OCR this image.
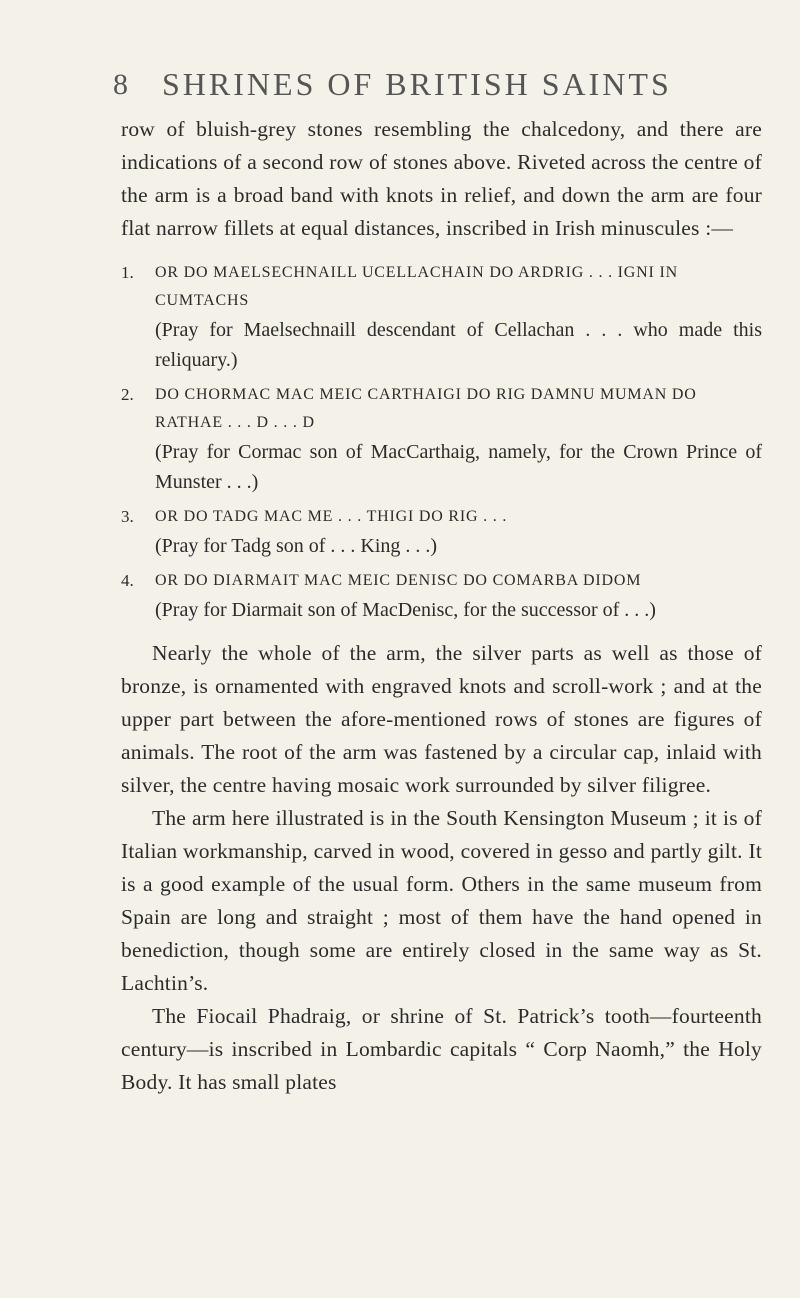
8 SHRINES OF BRITISH SAINTS

row of bluish-grey stones resembling the chalcedony, and there are indications of a second row of stones above. Riveted across the centre of the arm is a broad band with knots in relief, and down the arm are four flat narrow fillets at equal distances, inscribed in Irish minuscules :—

1. OR DO MAELSECHNAILL UCELLACHAIN DO ARDRIG . . . IGNI IN CUMTACHS
(Pray for Maelsechnaill descendant of Cellachan . . . who made this reliquary.)
2. DO CHORMAC MAC MEIC CARTHAIGI DO RIG DAMNU MUMAN DO RATHAE . . . D . . . D
(Pray for Cormac son of MacCarthaig, namely, for the Crown Prince of Munster . . .)
3. OR DO TADG MAC ME . . . THIGI DO RIG . . .
(Pray for Tadg son of . . . King . . .)
4. OR DO DIARMAIT MAC MEIC DENISC DO COMARBA DIDOM
(Pray for Diarmait son of MacDenisc, for the successor of . . .)

Nearly the whole of the arm, the silver parts as well as those of bronze, is ornamented with engraved knots and scroll-work ; and at the upper part between the afore-mentioned rows of stones are figures of animals. The root of the arm was fastened by a circular cap, inlaid with silver, the centre having mosaic work surrounded by silver filigree.

The arm here illustrated is in the South Kensington Museum ; it is of Italian workmanship, carved in wood, covered in gesso and partly gilt. It is a good example of the usual form. Others in the same museum from Spain are long and straight ; most of them have the hand opened in benediction, though some are entirely closed in the same way as St. Lachtin’s.

The Fiocail Phadraig, or shrine of St. Patrick’s tooth—fourteenth century—is inscribed in Lombardic capitals “ Corp Naomh,” the Holy Body. It has small plates
